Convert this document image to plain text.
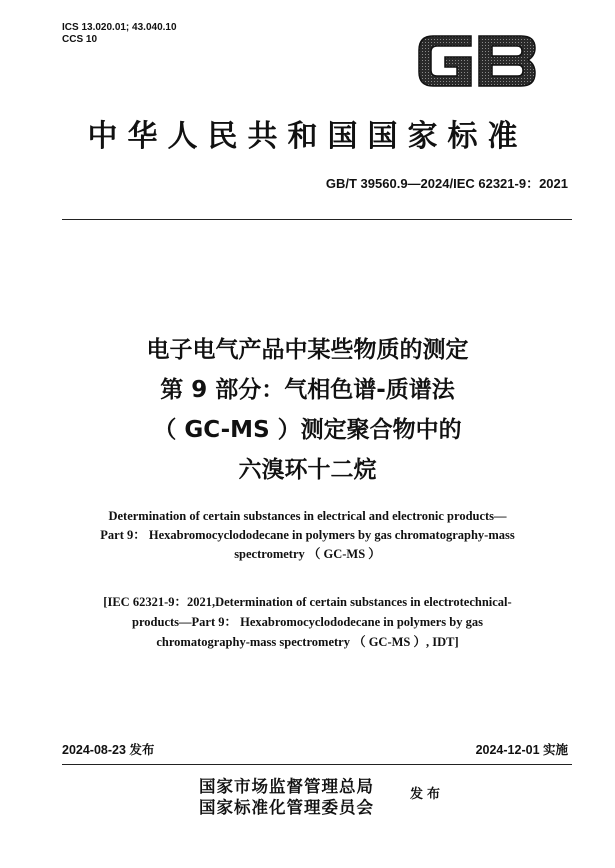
ICS 13.020.01; 43.040.10
CCS 10
中华人民共和国国家标准
GB/T 39560.9—2024/IEC 62321-9：2021
电子电气产品中某些物质的测定
第 9 部分：气相色谱-质谱法
（ GC-MS ）测定聚合物中的
六溴环十二烷
Determination of certain substances in electrical and electronic products—
Part 9： Hexabromocyclododecane in polymers by gas chromatography-mass
spectrometry （ GC-MS ）
[IEC 62321-9：2021,Determination of certain substances in electrotechnical-
products—Part 9： Hexabromocyclododecane in polymers by gas
chromatography-mass spectrometry （ GC-MS ）, IDT]
2024-08-23 发布	2024-12-01 实施
国家市场监督管理总局
国家标准化管理委员会
发布
